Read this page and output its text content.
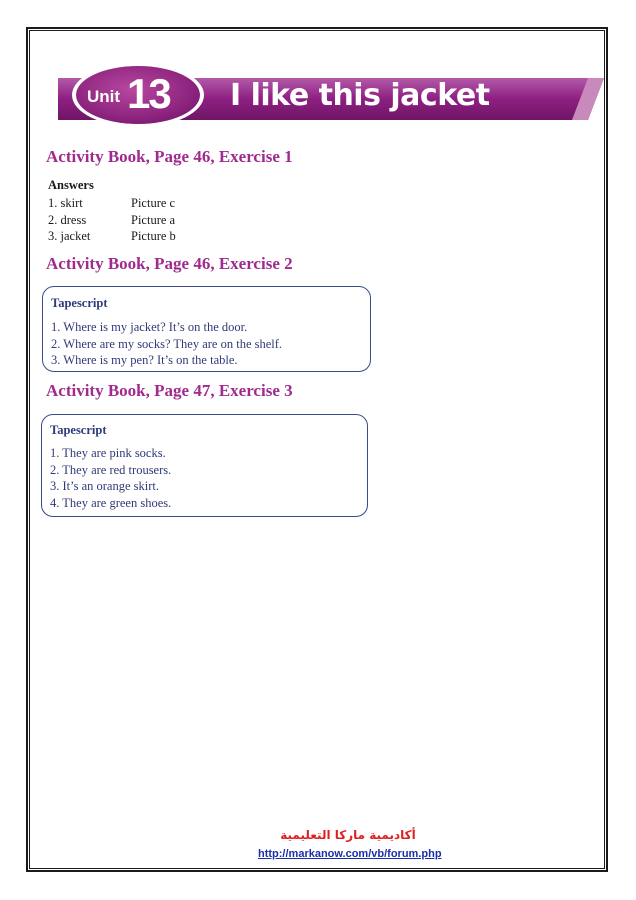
Unit 13 I like this jacket
Activity Book, Page 46, Exercise 1
Answers
1. skirt	Picture c
2. dress	Picture a
3. jacket	Picture b
Activity Book, Page 46, Exercise 2
Tapescript
1. Where is my jacket? It’s on the door.
2. Where are my socks? They are on the shelf.
3. Where is my pen? It’s on the table.
Activity Book, Page 47, Exercise 3
Tapescript
1. They are pink socks.
2. They are red trousers.
3. It’s an orange skirt.
4. They are green shoes.
أكاديمية ماركا التعليمية
http://markanow.com/vb/forum.php
